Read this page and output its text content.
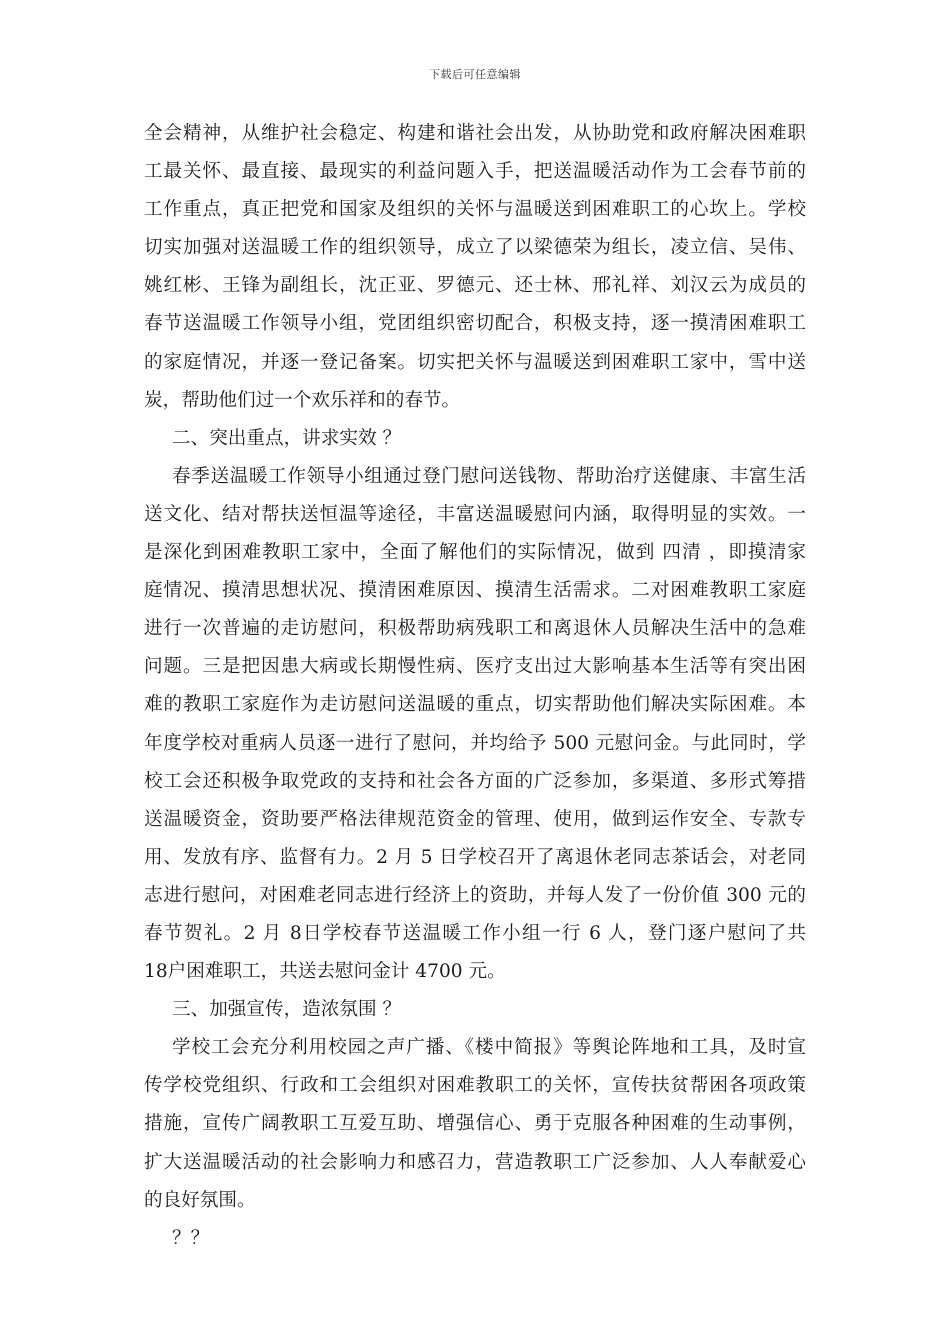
下载后可任意编辑
全会精神，从维护社会稳定、构建和谐社会出发，从协助党和政府解决困难职
工最关怀、最直接、最现实的利益问题入手，把送温暖活动作为工会春节前的
工作重点，真正把党和国家及组织的关怀与温暖送到困难职工的心坎上。学校
切实加强对送温暖工作的组织领导，成立了以梁德荣为组长，凌立信、吴伟、
姚红彬、王锋为副组长，沈正亚、罗德元、还士林、邢礼祥、刘汉云为成员的
春节送温暖工作领导小组，党团组织密切配合，积极支持，逐一摸清困难职工
的家庭情况，并逐一登记备案。切实把关怀与温暖送到困难职工家中，雪中送
炭，帮助他们过一个欢乐祥和的春节。
二、突出重点，讲求实效 ？
春季送温暖工作领导小组通过登门慰问送钱物、帮助治疗送健康、丰富生活
送文化、结对帮扶送恒温等途径，丰富送温暖慰问内涵，取得明显的实效。一
是深化到困难教职工家中，全面了解他们的实际情况，做到 四清 ，即摸清家
庭情况、摸清思想状况、摸清困难原因、摸清生活需求。二对困难教职工家庭
进行一次普遍的走访慰问，积极帮助病残职工和离退休人员解决生活中的急难
问题。三是把因患大病或长期慢性病、医疗支出过大影响基本生活等有突出困
难的教职工家庭作为走访慰问送温暖的重点，切实帮助他们解决实际困难。本
年度学校对重病人员逐一进行了慰问，并均给予 500 元慰问金。与此同时，学
校工会还积极争取党政的支持和社会各方面的广泛参加，多渠道、多形式筹措
送温暖资金，资助要严格法律规范资金的管理、使用，做到运作安全、专款专
用、发放有序、监督有力。2 月 5 日学校召开了离退休老同志茶话会，对老同
志进行慰问，对困难老同志进行经济上的资助，并每人发了一份价值 300 元的
春节贺礼。2 月 8日学校春节送温暖工作小组一行 6 人，登门逐户慰问了共
18户困难职工，共送去慰问金计 4700 元。
三、加强宣传，造浓氛围 ？
学校工会充分利用校园之声广播、《楼中简报》等舆论阵地和工具，及时宣
传学校党组织、行政和工会组织对困难教职工的关怀，宣传扶贫帮困各项政策
措施，宣传广阔教职工互爱互助、增强信心、勇于克服各种困难的生动事例，
扩大送温暖活动的社会影响力和感召力，营造教职工广泛参加、人人奉献爱心
的良好氛围。
？？
